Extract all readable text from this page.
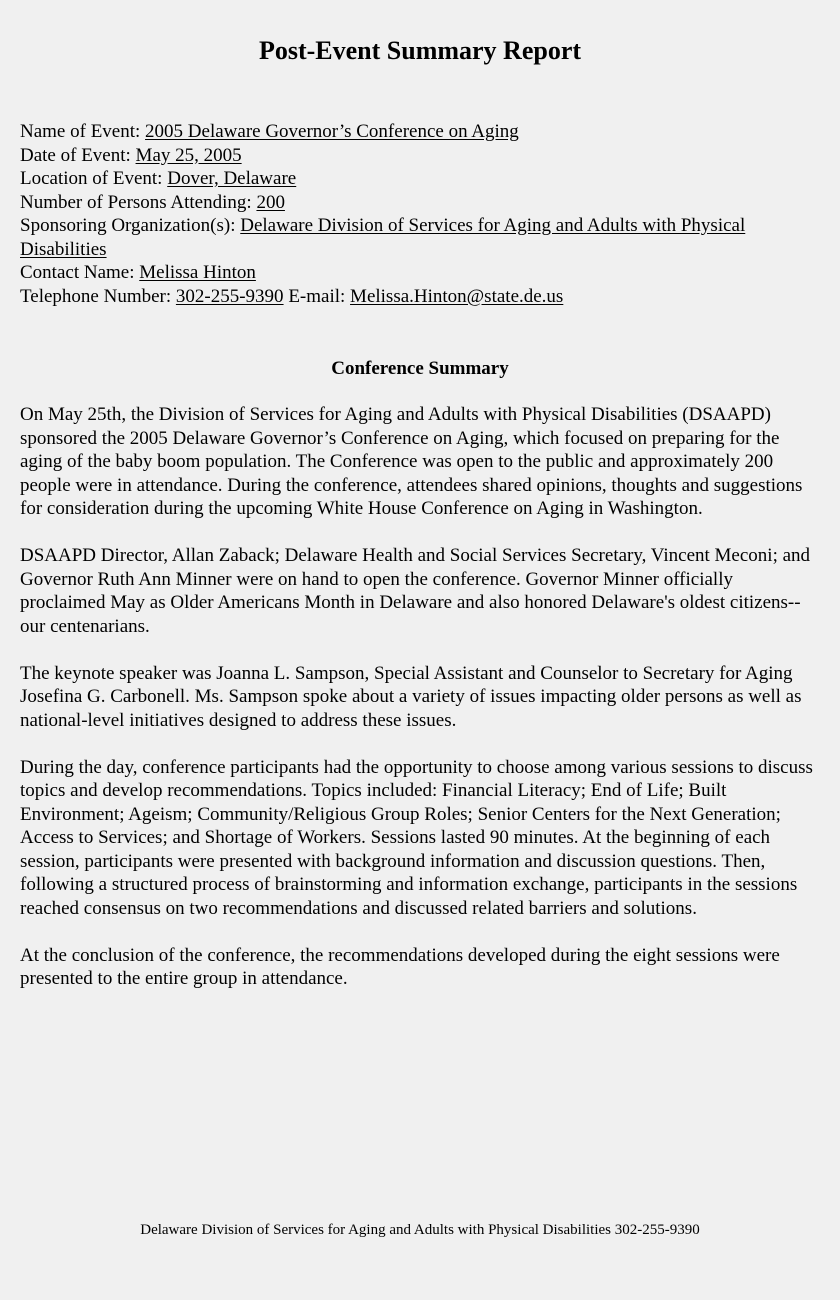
Post-Event Summary Report
Name of Event: 2005 Delaware Governor’s Conference on Aging
Date of Event: May 25, 2005
Location of Event: Dover, Delaware
Number of Persons Attending: 200
Sponsoring Organization(s): Delaware Division of Services for Aging and Adults with Physical Disabilities
Contact Name: Melissa Hinton
Telephone Number: 302-255-9390 E-mail: Melissa.Hinton@state.de.us
Conference Summary

On May 25th, the Division of Services for Aging and Adults with Physical Disabilities (DSAAPD) sponsored the 2005 Delaware Governor’s Conference on Aging, which focused on preparing for the aging of the baby boom population. The Conference was open to the public and approximately 200 people were in attendance. During the conference, attendees shared opinions, thoughts and suggestions for consideration during the upcoming White House Conference on Aging in Washington.

DSAAPD Director, Allan Zaback; Delaware Health and Social Services Secretary, Vincent Meconi; and Governor Ruth Ann Minner were on hand to open the conference. Governor Minner officially proclaimed May as Older Americans Month in Delaware and also honored Delaware's oldest citizens--our centenarians.

The keynote speaker was Joanna L. Sampson, Special Assistant and Counselor to Secretary for Aging Josefina G. Carbonell. Ms. Sampson spoke about a variety of issues impacting older persons as well as national-level initiatives designed to address these issues.

During the day, conference participants had the opportunity to choose among various sessions to discuss topics and develop recommendations. Topics included: Financial Literacy; End of Life; Built Environment; Ageism; Community/Religious Group Roles; Senior Centers for the Next Generation; Access to Services; and Shortage of Workers. Sessions lasted 90 minutes. At the beginning of each session, participants were presented with background information and discussion questions. Then, following a structured process of brainstorming and information exchange, participants in the sessions reached consensus on two recommendations and discussed related barriers and solutions.

At the conclusion of the conference, the recommendations developed during the eight sessions were presented to the entire group in attendance.

Delaware Division of Services for Aging and Adults with Physical Disabilities 302-255-9390
